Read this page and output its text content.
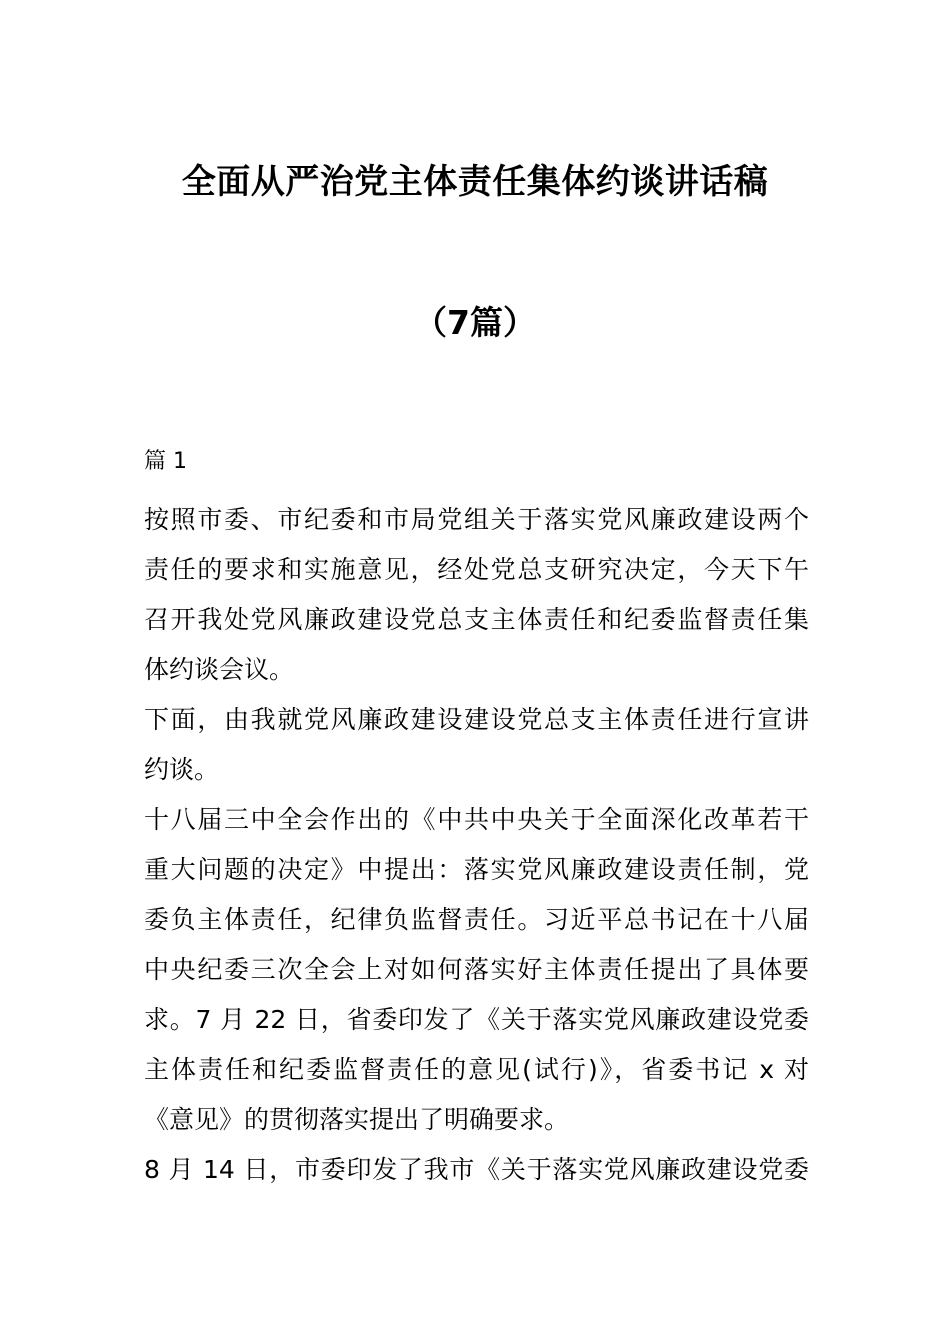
全面从严治党主体责任集体约谈讲话稿
（7篇）
篇 1
按照市委、市纪委和市局党组关于落实党风廉政建设两个
责任的要求和实施意见，经处党总支研究决定，今天下午
召开我处党风廉政建设党总支主体责任和纪委监督责任集
体约谈会议。
下面，由我就党风廉政建设建设党总支主体责任进行宣讲
约谈。
十八届三中全会作出的《中共中央关于全面深化改革若干
重大问题的决定》中提出：落实党风廉政建设责任制，党
委负主体责任，纪律负监督责任。习近平总书记在十八届
中央纪委三次全会上对如何落实好主体责任提出了具体要
求。7 月 22 日，省委印发了《关于落实党风廉政建设党委
主体责任和纪委监督责任的意见(试行)》，省委书记 x 对
《意见》的贯彻落实提出了明确要求。
8 月 14 日，市委印发了我市《关于落实党风廉政建设党委
